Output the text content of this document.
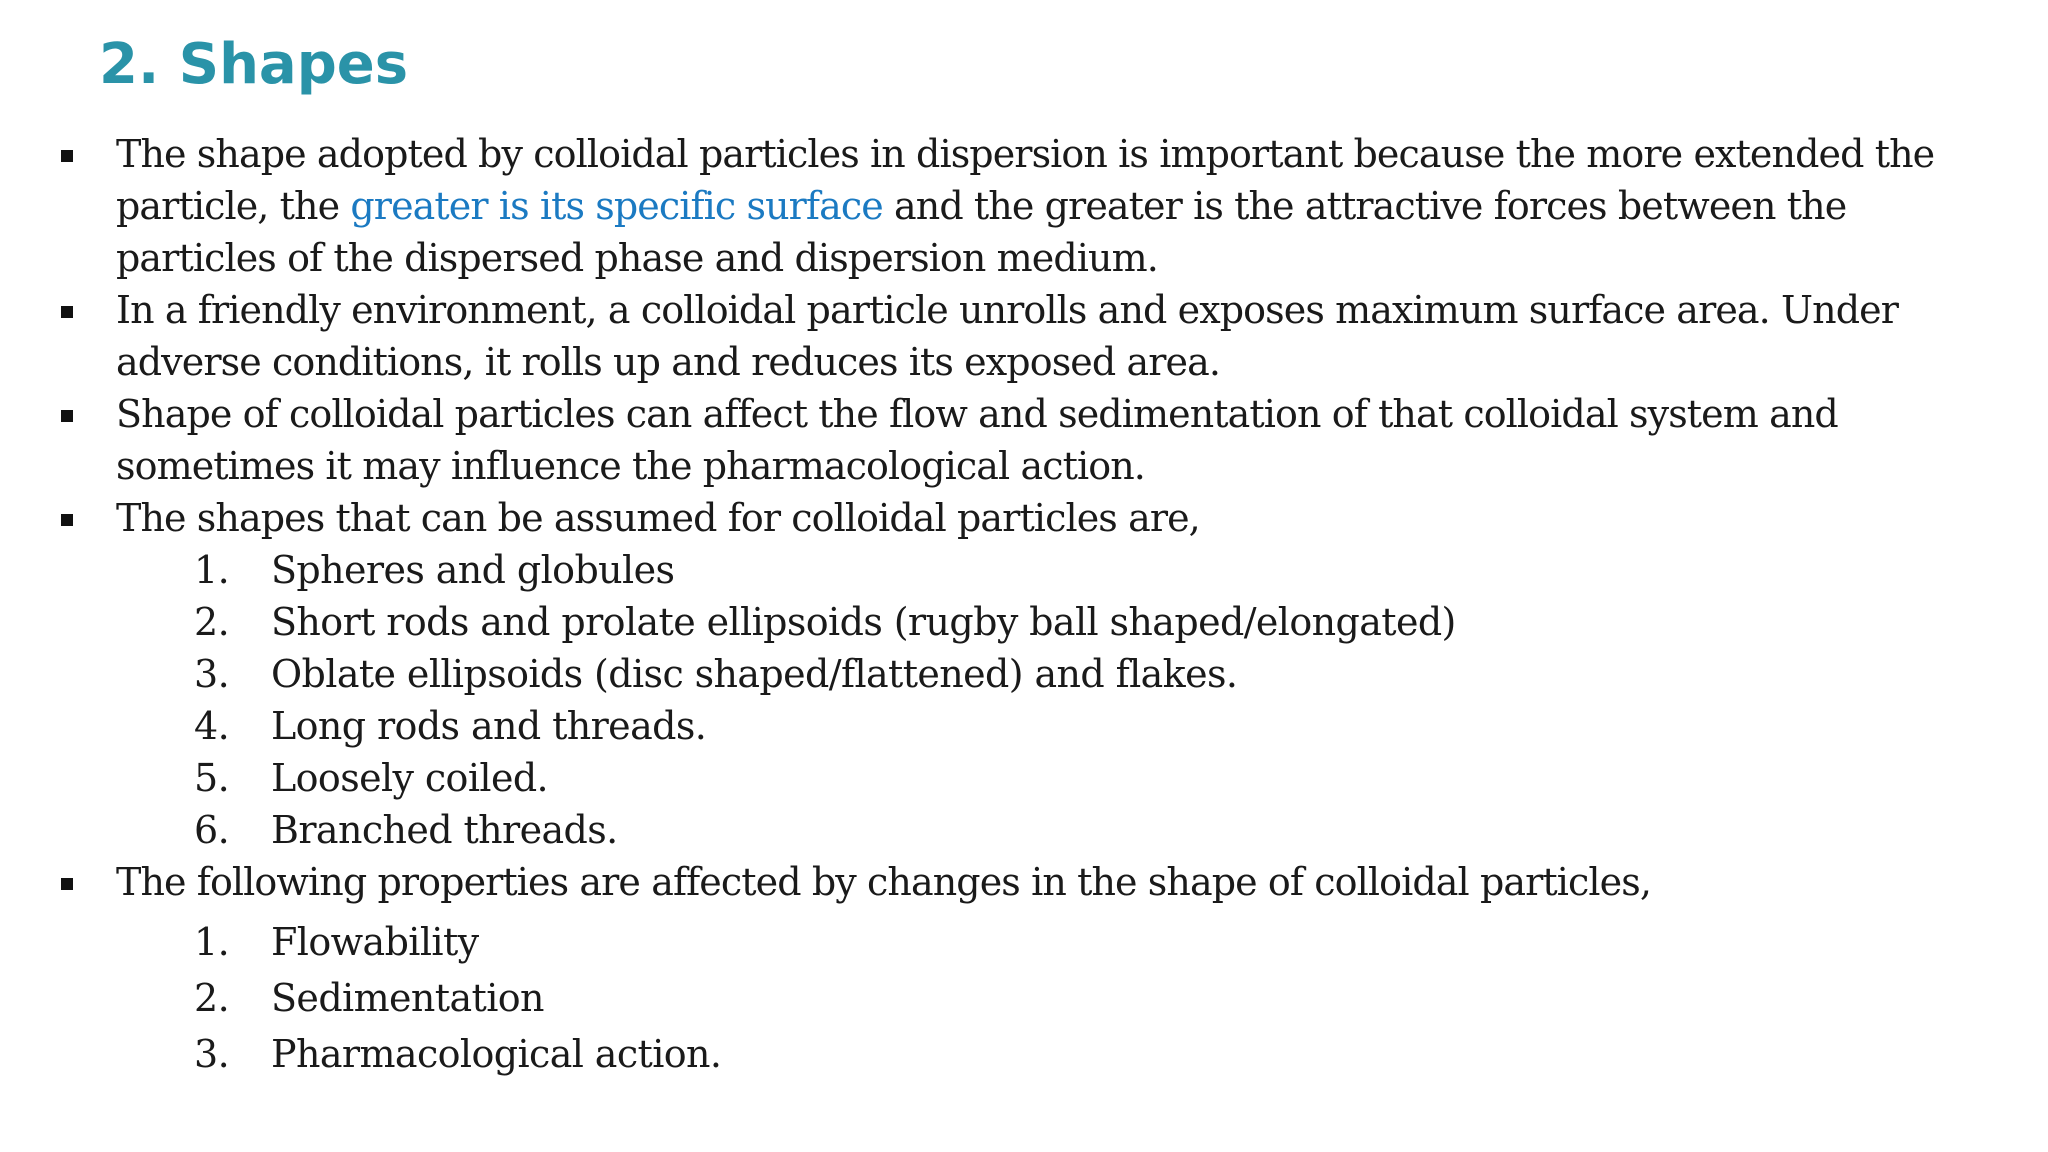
2. Shapes
The shape adopted by colloidal particles in dispersion is important because the more extended the
particle, the greater is its specific surface and the greater is the attractive forces between the
particles of the dispersed phase and dispersion medium.
In a friendly environment, a colloidal particle unrolls and exposes maximum surface area. Under
adverse conditions, it rolls up and reduces its exposed area.
Shape of colloidal particles can affect the flow and sedimentation of that colloidal system and
sometimes it may influence the pharmacological action.
The shapes that can be assumed for colloidal particles are,
1. Spheres and globules
2. Short rods and prolate ellipsoids (rugby ball shaped/elongated)
3. Oblate ellipsoids (disc shaped/flattened) and flakes.
4. Long rods and threads.
5. Loosely coiled.
6. Branched threads.
The following properties are affected by changes in the shape of colloidal particles,
1. Flowability
2. Sedimentation
3. Pharmacological action.
